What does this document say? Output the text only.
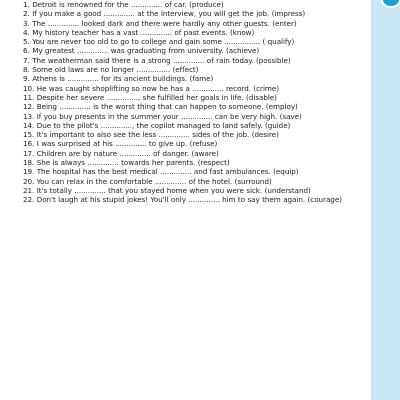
1. Detroit is renowned for the .............. of car. (produce)
2. If you make a good .............. at the interview, you will get the job. (impress)
3. The .............. looked dark and there were hardly any other guests. (enter)
4. My history teacher has a vast .............. of past events. (know)
5. You are never too old to go to college and gain some ................ ( qualify)
6. My greatest .............. was graduating from university. (achieve)
7. The weatherman said there is a strong .............. of rain today. (possible)
8. Some old laws are no longer ............... (effect)
9. Athens is .............. for its ancient buildings. (fame)
10. He was caught shoplifting so now he has a .............. record. (crime)
11. Despite her severe .............., she fulfilled her goals in life. (disable)
12. Being .............. is the worst thing that can happen to someone. (employ)
13. If you buy presents in the summer your .............. can be very high. (save)
14. Due to the pilot's .............., the copilot managed to land safely. (guide)
15. It's important to also see the less .............. sides of the job. (desire)
16. I was surprised at his .............. to give up. (refuse)
17. Children are by nature .............. of danger. (aware)
18. She is always .............. towards her parents. (respect)
19. The hospital has the best medical .............. and fast ambulances. (equip)
20. You can relax in the comfortable .............. of the hotel. (surround)
21. It's totally .............. that you stayed home when you were sick. (understand)
22. Don't laugh at his stupid jokes! You'll only .............. him to say them again. (courage)
